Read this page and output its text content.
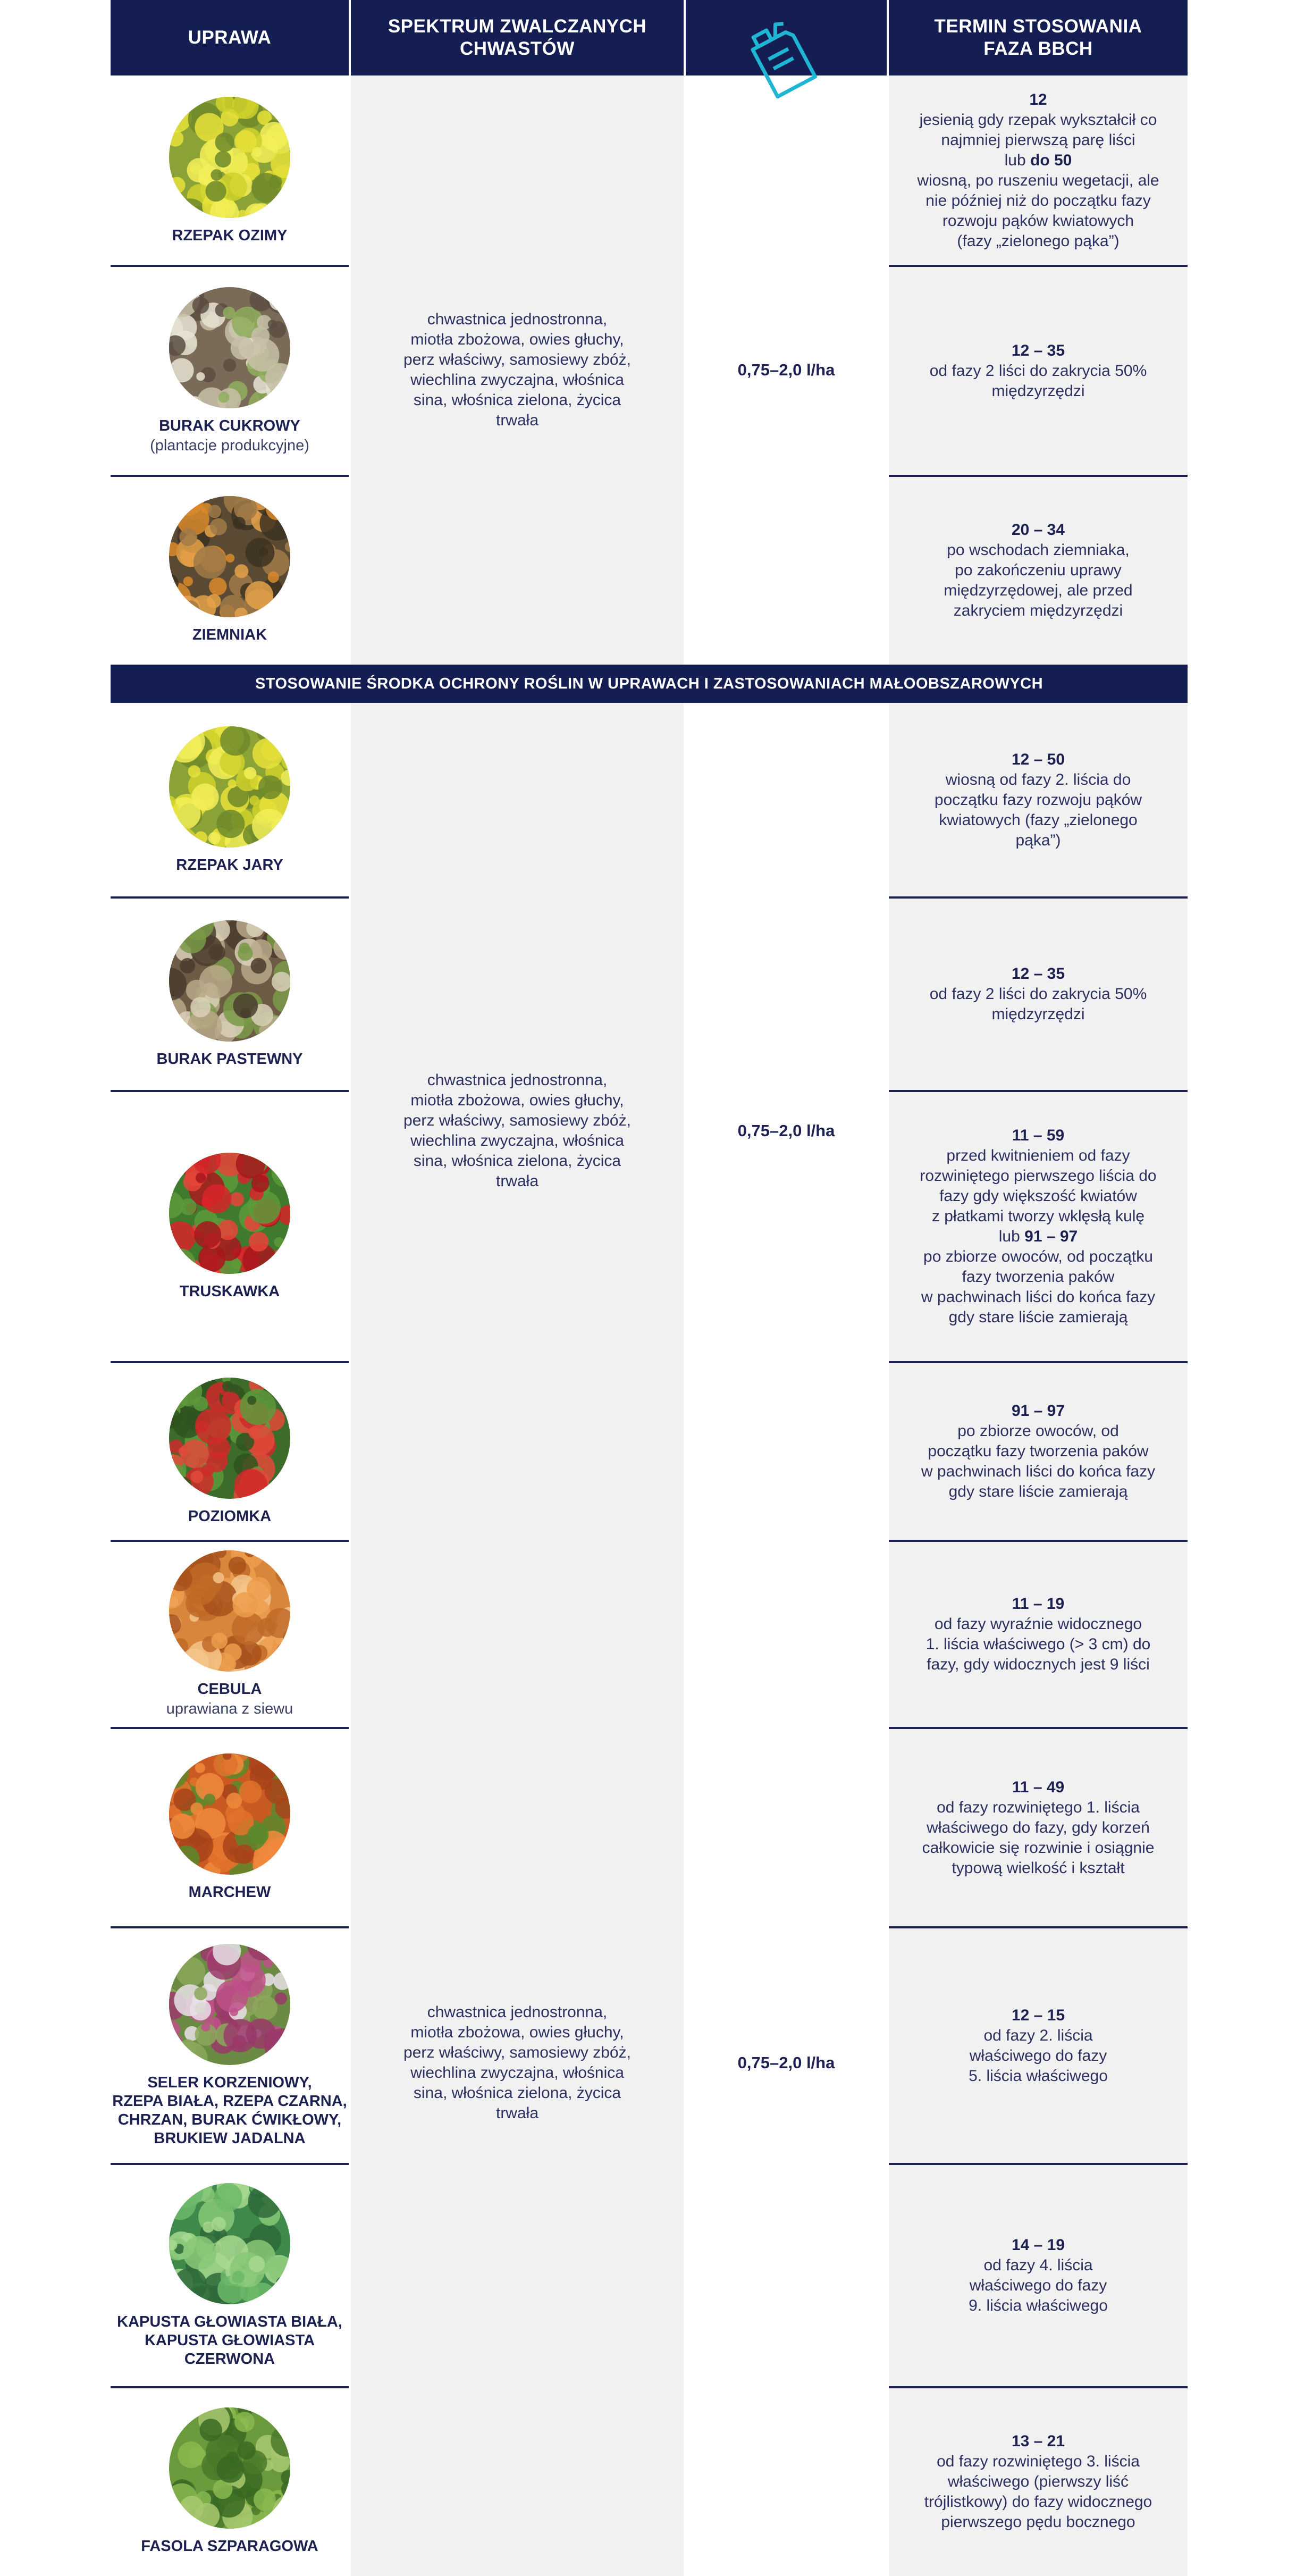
UPRAWA
SPEKTRUM ZWALCZANYCH
CHWASTÓW
TERMIN STOSOWANIA
FAZA BBCH
STOSOWANIE ŚRODKA OCHRONY ROŚLIN W UPRAWACH I ZASTOSOWANIACH MAŁOOBSZAROWYCH
chwastnica jednostronna,
miotła zbożowa, owies głuchy,
perz właściwy, samosiewy zbóż,
wiechlina zwyczajna, włośnica
sina, włośnica zielona, życica
trwała
0,75–2,0 l/ha
chwastnica jednostronna,
miotła zbożowa, owies głuchy,
perz właściwy, samosiewy zbóż,
wiechlina zwyczajna, włośnica
sina, włośnica zielona, życica
trwała
0,75–2,0 l/ha
chwastnica jednostronna,
miotła zbożowa, owies głuchy,
perz właściwy, samosiewy zbóż,
wiechlina zwyczajna, włośnica
sina, włośnica zielona, życica
trwała
0,75–2,0 l/ha
RZEPAK OZIMY
12
jesienią gdy rzepak wykształcił co
najmniej pierwszą parę liści
lub do 50
wiosną, po ruszeniu wegetacji, ale
nie później niż do początku fazy
rozwoju pąków kwiatowych
(fazy „zielonego pąka”)
BURAK CUKROWY
(plantacje produkcyjne)
12 – 35
od fazy 2 liści do zakrycia 50%
międzyrzędzi
ZIEMNIAK
20 – 34
po wschodach ziemniaka,
po zakończeniu uprawy
międzyrzędowej, ale przed
zakryciem międzyrzędzi
RZEPAK JARY
12 – 50
wiosną od fazy 2. liścia do
początku fazy rozwoju pąków
kwiatowych (fazy „zielonego
pąka”)
BURAK PASTEWNY
12 – 35
od fazy 2 liści do zakrycia 50%
międzyrzędzi
TRUSKAWKA
11 – 59
przed kwitnieniem od fazy
rozwiniętego pierwszego liścia do
fazy gdy większość kwiatów
z płatkami tworzy wklęsłą kulę
lub 91 – 97
po zbiorze owoców, od początku
fazy tworzenia paków
w pachwinach liści do końca fazy
gdy stare liście zamierają
POZIOMKA
91 – 97
po zbiorze owoców, od
początku fazy tworzenia paków
w pachwinach liści do końca fazy
gdy stare liście zamierają
CEBULA
uprawiana z siewu
11 – 19
od fazy wyraźnie widocznego
1. liścia właściwego (> 3 cm) do
fazy, gdy widocznych jest 9 liści
MARCHEW
11 – 49
od fazy rozwiniętego 1. liścia
właściwego do fazy, gdy korzeń
całkowicie się rozwinie i osiągnie
typową wielkość i kształt
SELER KORZENIOWY,
RZEPA BIAŁA, RZEPA CZARNA,
CHRZAN, BURAK ĆWIKŁOWY,
BRUKIEW JADALNA
12 – 15
od fazy 2. liścia
właściwego do fazy
5. liścia właściwego
KAPUSTA GŁOWIASTA BIAŁA,
KAPUSTA GŁOWIASTA
CZERWONA
14 – 19
od fazy 4. liścia
właściwego do fazy
9. liścia właściwego
FASOLA SZPARAGOWA
13 – 21
od fazy rozwiniętego 3. liścia
właściwego (pierwszy liść
trójlistkowy) do fazy widocznego
pierwszego pędu bocznego
